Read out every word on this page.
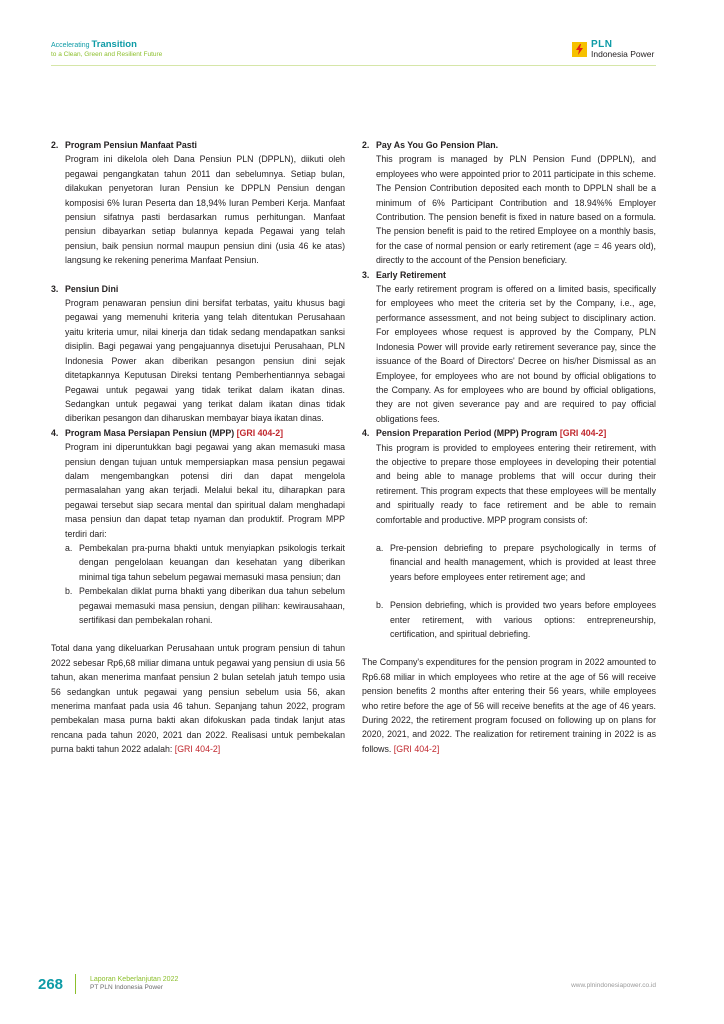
Accelerating Transition
to a Clean, Green and Resilient Future
PLN
Indonesia Power
2. Program Pensiun Manfaat Pasti

Program ini dikelola oleh Dana Pensiun PLN (DPPLN), diikuti oleh pegawai pengangkatan tahun 2011 dan sebelumnya. Setiap bulan, dilakukan penyetoran Iuran Pensiun ke DPPLN Pensiun dengan komposisi 6% Iuran Peserta dan 18,94% Iuran Pemberi Kerja. Manfaat pensiun sifatnya pasti berdasarkan rumus perhitungan. Manfaat pensiun dibayarkan setiap bulannya kepada Pegawai yang telah pensiun, baik pensiun normal maupun pensiun dini (usia 46 ke atas) langsung ke rekening penerima Manfaat Pensiun.

3. Pensiun Dini

Program penawaran pensiun dini bersifat terbatas, yaitu khusus bagi pegawai yang memenuhi kriteria yang telah ditentukan Perusahaan yaitu kriteria umur, nilai kinerja dan tidak sedang mendapatkan sanksi disiplin. Bagi pegawai yang pengajuannya disetujui Perusahaan, PLN Indonesia Power akan diberikan pesangon pensiun dini sejak ditetapkannya Keputusan Direksi tentang Pemberhentiannya sebagai Pegawai untuk pegawai yang tidak terikat dalam ikatan dinas. Sedangkan untuk pegawai yang terikat dalam ikatan dinas tidak diberikan pesangon dan diharuskan membayar biaya ikatan dinas.

4. Program Masa Persiapan Pensiun (MPP) [GRI 404-2]

Program ini diperuntukkan bagi pegawai yang akan memasuki masa pensiun dengan tujuan untuk mempersiapkan masa pensiun pegawai dalam mengembangkan potensi diri dan dapat mengelola permasalahan yang akan terjadi. Melalui bekal itu, diharapkan para pegawai tersebut siap secara mental dan spiritual dalam menghadapi masa pensiun dan dapat tetap nyaman dan produktif. Program MPP terdiri dari:

a. Pembekalan pra-purna bhakti untuk menyiapkan psikologis terkait dengan pengelolaan keuangan dan kesehatan yang diberikan minimal tiga tahun sebelum pegawai memasuki masa pensiun; dan

b. Pembekalan diklat purna bhakti yang diberikan dua tahun sebelum pegawai memasuki masa pensiun, dengan pilihan: kewirausahaan, sertifikasi dan pembekalan rohani.

Total dana yang dikeluarkan Perusahaan untuk program pensiun di tahun 2022 sebesar Rp6,68 miliar dimana untuk pegawai yang pensiun di usia 56 tahun, akan menerima manfaat pensiun 2 bulan setelah jatuh tempo usia 56 sedangkan untuk pegawai yang pensiun sebelum usia 56, akan menerima manfaat pada usia 46 tahun. Sepanjang tahun 2022, program pembekalan masa purna bakti akan difokuskan pada tindak lanjut atas rencana pada tahun 2020, 2021 dan 2022. Realisasi untuk pembekalan purna bakti tahun 2022 adalah: [GRI 404-2]

2. Pay As You Go Pension Plan.

This program is managed by PLN Pension Fund (DPPLN), and employees who were appointed prior to 2011 participate in this scheme. The Pension Contribution deposited each month to DPPLN shall be a minimum of 6% Participant Contribution and 18.94%% Employer Contribution. The pension benefit is fixed in nature based on a formula. The pension benefit is paid to the retired Employee on a monthly basis, for the case of normal pension or early retirement (age = 46 years old), directly to the account of the Pension beneficiary.

3. Early Retirement

The early retirement program is offered on a limited basis, specifically for employees who meet the criteria set by the Company, i.e., age, performance assessment, and not being subject to disciplinary action. For employees whose request is approved by the Company, PLN Indonesia Power will provide early retirement severance pay, since the issuance of the Board of Directors' Decree on his/her Dismissal as an Employee, for employees who are not bound by official obligations to the Company. As for employees who are bound by official obligations, they are not given severance pay and are required to pay official obligations fees.

4. Pension Preparation Period (MPP) Program [GRI 404-2]

This program is provided to employees entering their retirement, with the objective to prepare those employees in developing their potential and being able to manage problems that will occur during their retirement. This program expects that these employees will be mentally and spiritually ready to face retirement and be able to remain comfortable and productive. MPP program consists of:

a. Pre-pension debriefing to prepare psychologically in terms of financial and health management, which is provided at least three years before employees enter retirement age; and

b. Pension debriefing, which is provided two years before employees enter retirement, with various options: entrepreneurship, certification, and spiritual debriefing.

The Company's expenditures for the pension program in 2022 amounted to Rp6.68 miliar in which employees who retire at the age of 56 will receive pension benefits 2 months after entering their 56 years, while employees who retire before the age of 56 will receive benefits at the age of 46 years. During 2022, the retirement program focused on following up on plans for 2020, 2021, and 2022. The realization for retirement training in 2022 is as follows. [GRI 404-2]

268	Laporan Keberlanjutan 2022
PT PLN Indonesia Power	www.plnindonesiapower.co.id
